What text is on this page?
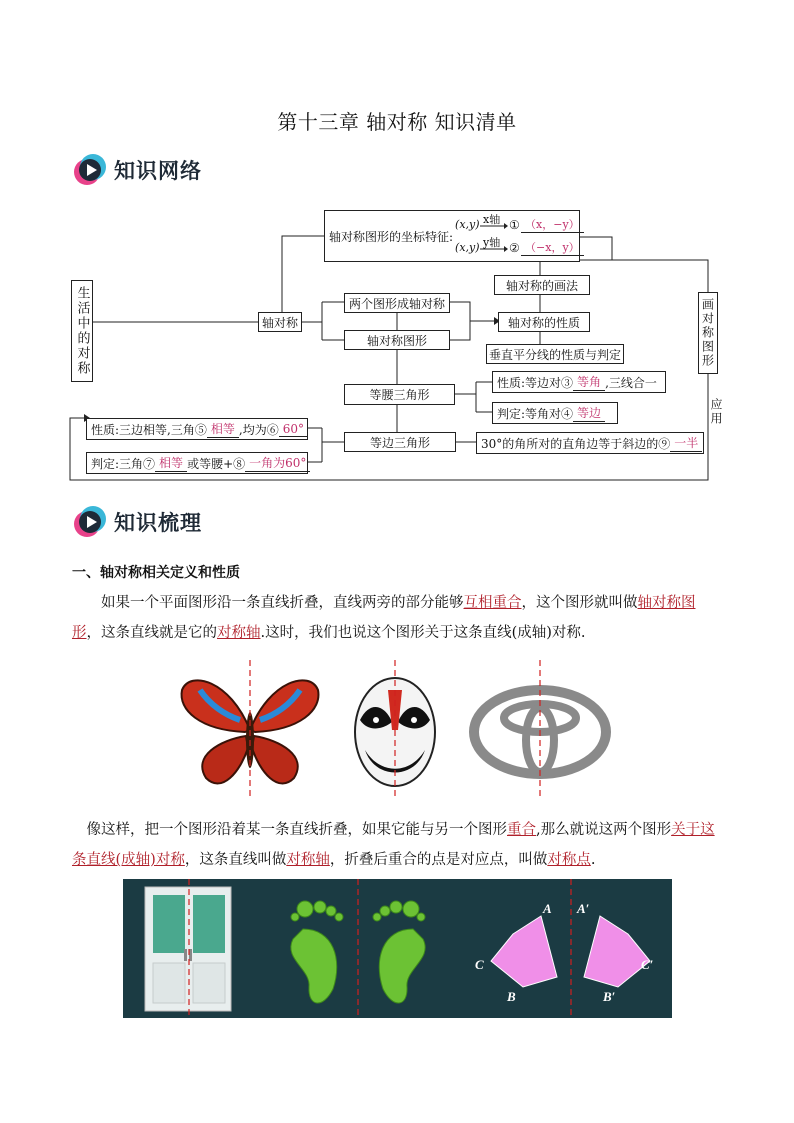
第十三章 轴对称 知识清单
知识网络
生活中的对称	轴对称
轴对称图形的坐标特征:
(x,y)
(x,y)
x轴
y轴
① （x，−y）
② （−x，y）
两个图形成轴对称
轴对称图形
轴对称的画法
轴对称的性质
垂直平分线的性质与判定
等腰三角形
性质:等边对③ 等角 ,三线合一
判定:等角对④ 等边
等边三角形
性质:三边相等,三角⑤ 相等 ,均为⑥ 60°
判定:三角⑦ 相等 或等腰+⑧ 一角为60°
30°的角所对的直角边等于斜边的⑨ 一半
画对称图形
应用
知识梳理
一、轴对称相关定义和性质
　　如果一个平面图形沿一条直线折叠，直线两旁的部分能够互相重合，这个图形就叫做轴对称图形，这条直线就是它的对称轴.这时，我们也说这个图形关于这条直线(成轴)对称.
　像这样，把一个图形沿着某一条直线折叠，如果它能与另一个图形重合,那么就说这两个图形关于这条直线(成轴)对称，这条直线叫做对称轴，折叠后重合的点是对应点，叫做对称点.
A
C
B
A′
C′
B′
